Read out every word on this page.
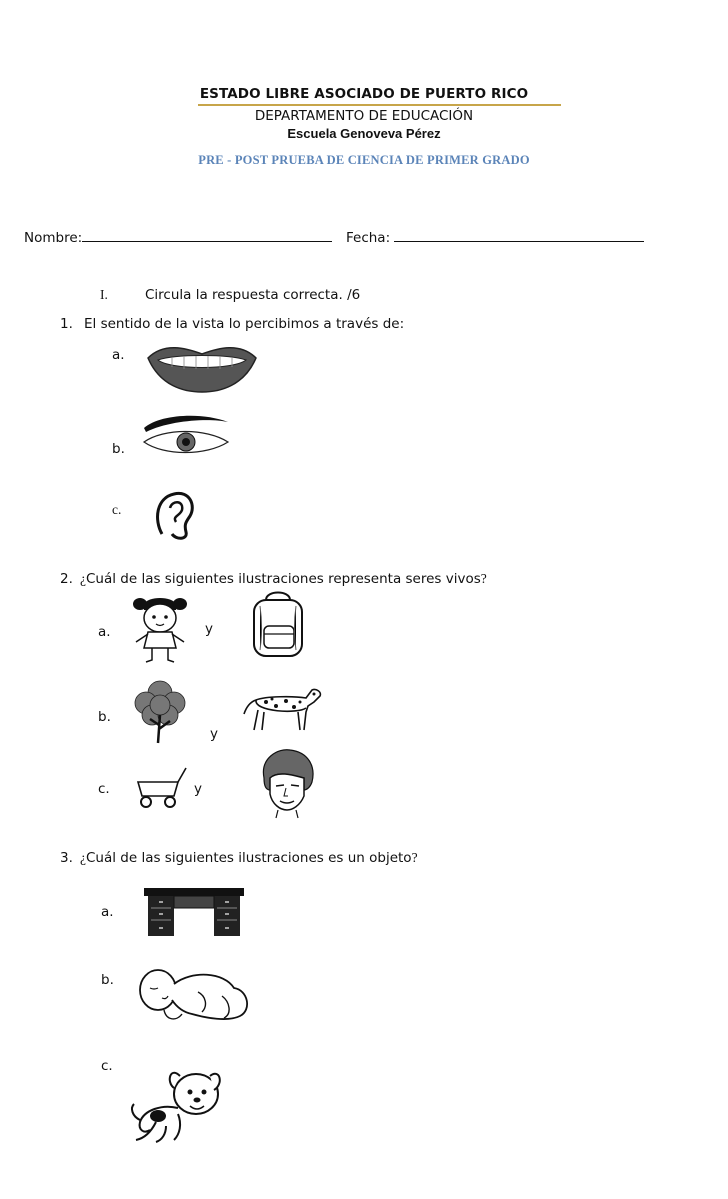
ESTADO LIBRE ASOCIADO DE PUERTO RICO
DEPARTAMENTO DE EDUCACIÓN
Escuela Genoveva Pérez
PRE - POST PRUEBA DE CIENCIA DE PRIMER GRADO
Nombre:	Fecha:
I.	Circula la respuesta correcta. /6
1. El sentido de la vista lo percibimos a través de:
a.
b.
c.
2. ¿Cuál de las siguientes ilustraciones representa seres vivos?
a.	y
b.
y
c.	y
3. ¿Cuál de las siguientes ilustraciones es un objeto?
a.
b.
c.
